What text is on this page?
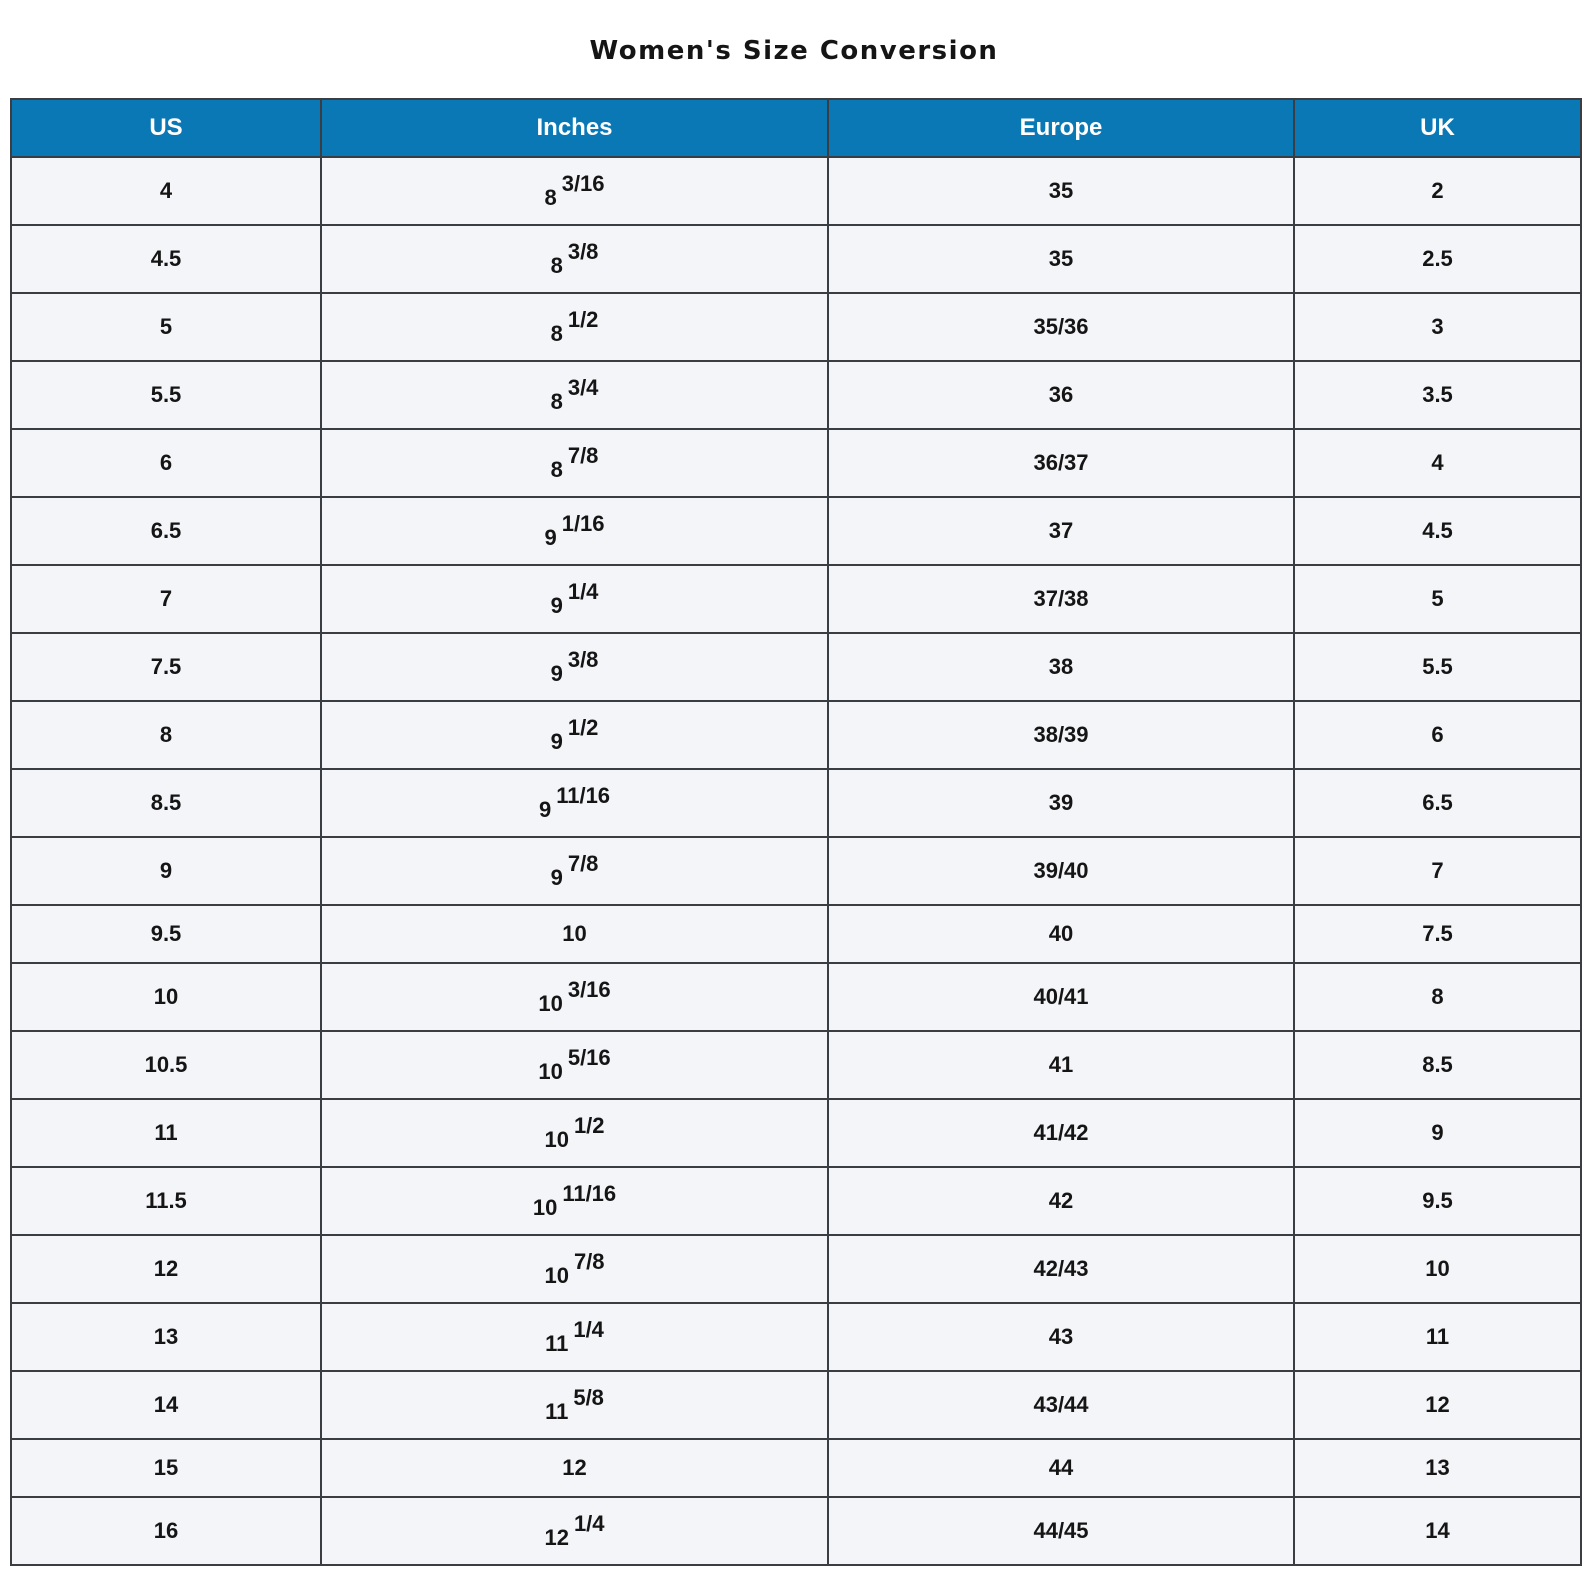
Women's Size Conversion
US	Inches	Europe	UK
4	83/16	35	2
4.5	83/8	35	2.5
5	81/2	35/36	3
5.5	83/4	36	3.5
6	87/8	36/37	4
6.5	91/16	37	4.5
7	91/4	37/38	5
7.5	93/8	38	5.5
8	91/2	38/39	6
8.5	911/16	39	6.5
9	97/8	39/40	7
9.5	10	40	7.5
10	103/16	40/41	8
10.5	105/16	41	8.5
11	101/2	41/42	9
11.5	1011/16	42	9.5
12	107/8	42/43	10
13	111/4	43	11
14	115/8	43/44	12
15	12	44	13
16	121/4	44/45	14
